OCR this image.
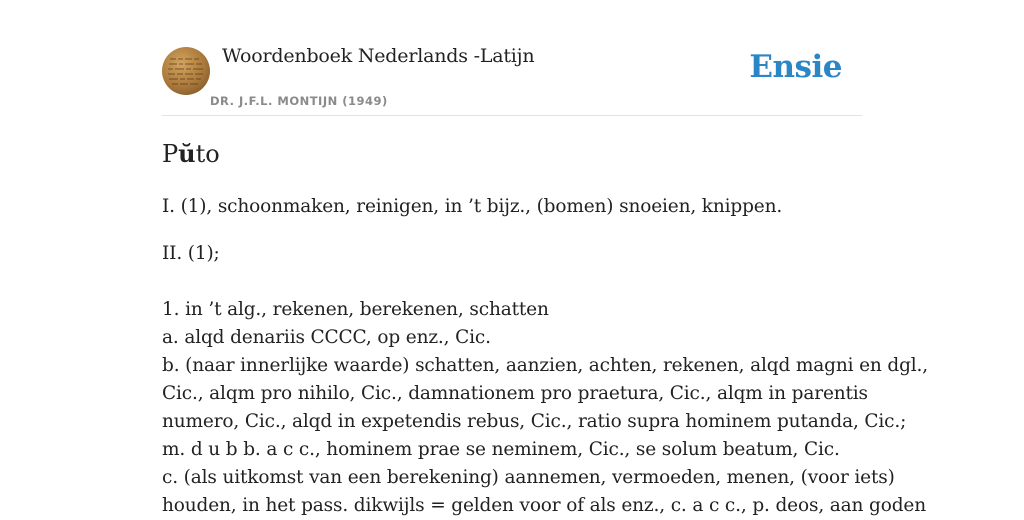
Woordenboek Nederlands -Latijn
DR. J.F.L. MONTIJN (1949)
Ensie
Pŭto

I. (1), schoonmaken, reinigen, in ’t bijz., (bomen) snoeien, knippen.

II. (1);

1. in ’t alg., rekenen, berekenen, schatten

a. alqd denariis CCCC, op enz., Cic.

b. (naar innerlijke waarde) schatten, aanzien, achten, rekenen, alqd magni en dgl.,

Cic., alqm pro nihilo, Cic., damnationem pro praetura, Cic., alqm in parentis

numero, Cic., alqd in expetendis rebus, Cic., ratio supra hominem putanda, Cic.;

m. d u b b. a c c., hominem prae se neminem, Cic., se solum beatum, Cic.

c. (als uitkomst van een berekening) aannemen, vermoeden, menen, (voor iets)

houden, in het pass. dikwijls = gelden voor of als enz., c. a c c., p. deos, aan goden
